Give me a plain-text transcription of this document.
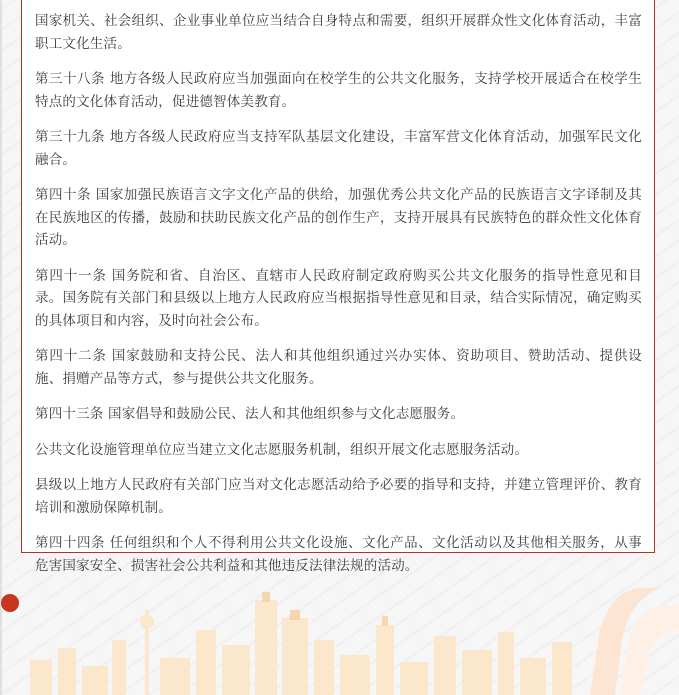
国家机关、社会组织、企业事业单位应当结合自身特点和需要，组织开展群众性文化体育活动，丰富职工文化生活。

第三十八条 地方各级人民政府应当加强面向在校学生的公共文化服务，支持学校开展适合在校学生特点的文化体育活动，促进德智体美教育。

第三十九条 地方各级人民政府应当支持军队基层文化建设，丰富军营文化体育活动，加强军民文化融合。

第四十条 国家加强民族语言文字文化产品的供给，加强优秀公共文化产品的民族语言文字译制及其在民族地区的传播，鼓励和扶助民族文化产品的创作生产，支持开展具有民族特色的群众性文化体育活动。

第四十一条 国务院和省、自治区、直辖市人民政府制定政府购买公共文化服务的指导性意见和目录。国务院有关部门和县级以上地方人民政府应当根据指导性意见和目录，结合实际情况，确定购买的具体项目和内容，及时向社会公布。

第四十二条 国家鼓励和支持公民、法人和其他组织通过兴办实体、资助项目、赞助活动、提供设施、捐赠产品等方式，参与提供公共文化服务。

第四十三条 国家倡导和鼓励公民、法人和其他组织参与文化志愿服务。

公共文化设施管理单位应当建立文化志愿服务机制，组织开展文化志愿服务活动。

县级以上地方人民政府有关部门应当对文化志愿活动给予必要的指导和支持，并建立管理评价、教育培训和激励保障机制。

第四十四条 任何组织和个人不得利用公共文化设施、文化产品、文化活动以及其他相关服务，从事危害国家安全、损害社会公共利益和其他违反法律法规的活动。
